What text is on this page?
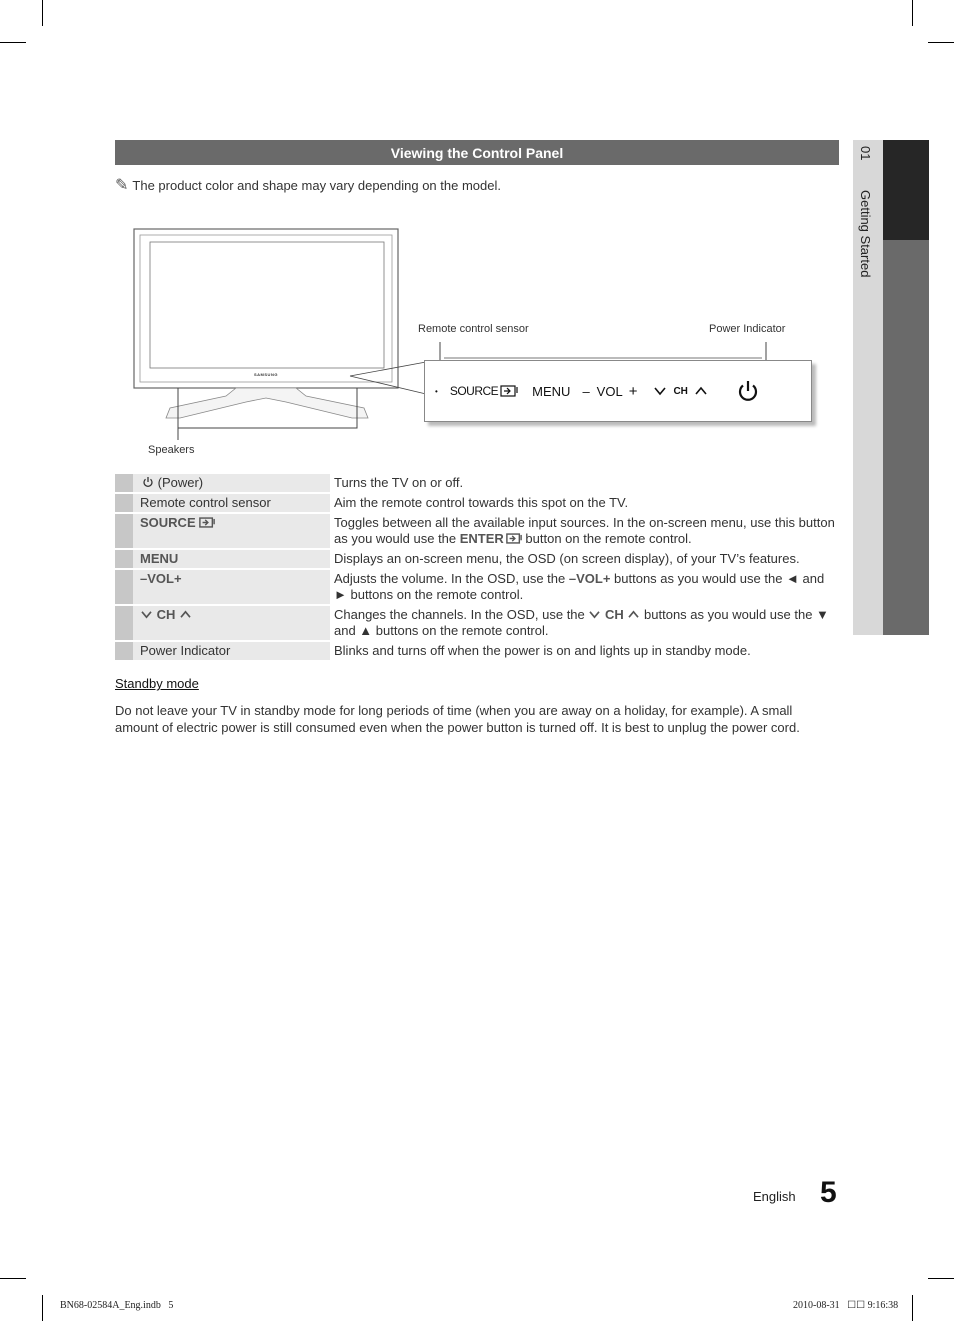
01 Getting Started
Viewing the Control Panel
✎ The product color and shape may vary depending on the model.
SAMSUNG
• SOURCE	MENU – VOL +	CH
Remote control sensor	Power Indicator
Speakers
	(Power)	Turns the TV on or off.
	Remote control sensor	Aim the remote control towards this spot on the TV.
	SOURCE	Toggles between all the available input sources. In the on-screen menu, use this button as you would use the ENTER button on the remote control.
	MENU	Displays an on-screen menu, the OSD (on screen display), of your TV’s features.
	–VOL+	Adjusts the volume. In the OSD, use the –VOL+ buttons as you would use the ◄ and ► buttons on the remote control.
	CH	Changes the channels. In the OSD, use the  CH  buttons as you would use the ▼ and ▲ buttons on the remote control.
	Power Indicator	Blinks and turns off when the power is on and lights up in standby mode.
Standby mode
Do not leave your TV in standby mode for long periods of time (when you are away on a holiday, for example). A small amount of electric power is still consumed even when the power button is turned off. It is best to unplug the power cord.
English 5
BN68-02584A_Eng.indb   5	2010-08-31   ☐☐ 9:16:38
